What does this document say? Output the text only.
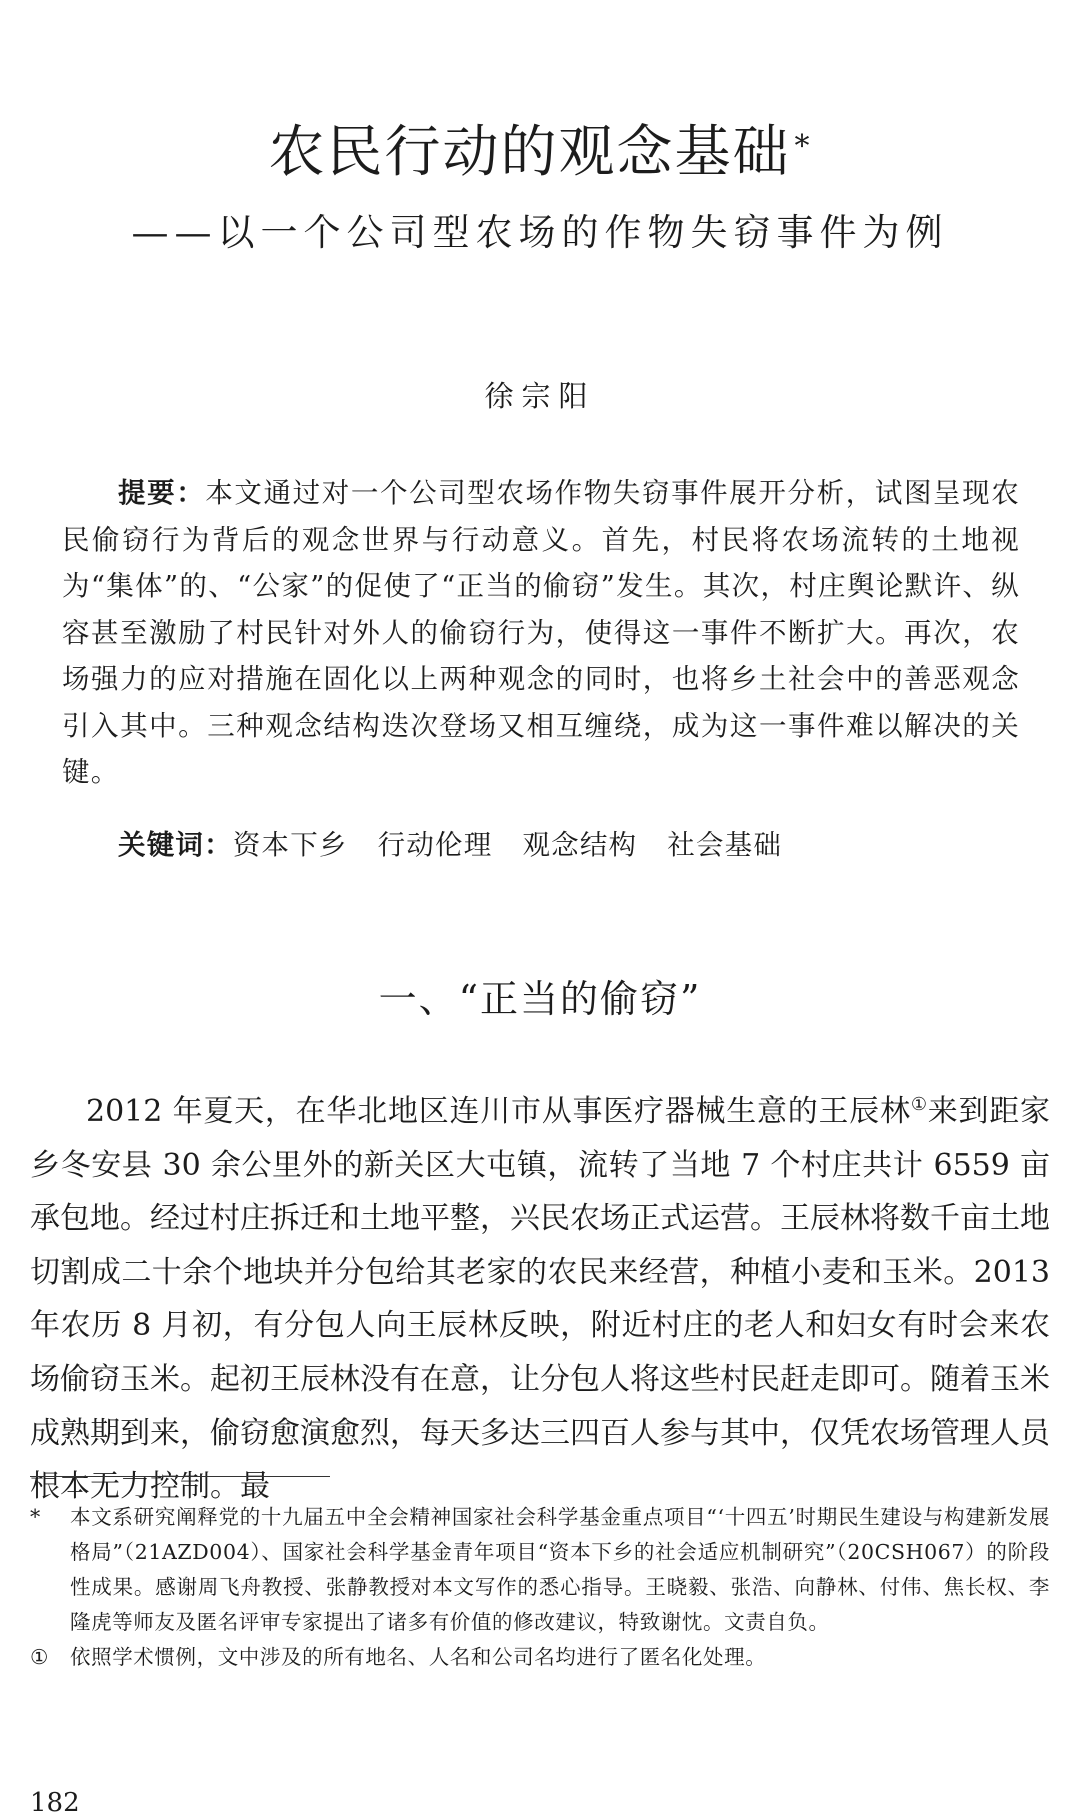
农民行动的观念基础 *
——以一个公司型农场的作物失窃事件为例
徐宗阳

提要：本文通过对一个公司型农场作物失窃事件展开分析，试图呈现农民偷窃行为背后的观念世界与行动意义。首先，村民将农场流转的土地视为“集体”的、“公家”的促使了“正当的偷窃”发生。其次，村庄舆论默许、纵容甚至激励了村民针对外人的偷窃行为，使得这一事件不断扩大。再次，农场强力的应对措施在固化以上两种观念的同时，也将乡土社会中的善恶观念引入其中。三种观念结构迭次登场又相互缠绕，成为这一事件难以解决的关键。

关键词：资本下乡 行动伦理 观念结构 社会基础
一、“正当的偷窃”

2012 年夏天，在华北地区连川市从事医疗器械生意的王辰林①来到距家乡冬安县 30 余公里外的新关区大屯镇，流转了当地 7 个村庄共计 6559 亩承包地。经过村庄拆迁和土地平整，兴民农场正式运营。王辰林将数千亩土地切割成二十余个地块并分包给其老家的农民来经营，种植小麦和玉米。2013 年农历 8 月初，有分包人向王辰林反映，附近村庄的老人和妇女有时会来农场偷窃玉米。起初王辰林没有在意，让分包人将这些村民赶走即可。随着玉米成熟期到来，偷窃愈演愈烈，每天多达三四百人参与其中，仅凭农场管理人员根本无力控制。最

*	本文系研究阐释党的十九届五中全会精神国家社会科学基金重点项目“‘十四五’时期民生建设与构建新发展格局”（21AZD004）、国家社会科学基金青年项目“资本下乡的社会适应机制研究”（20CSH067）的阶段性成果。感谢周飞舟教授、张静教授对本文写作的悉心指导。王晓毅、张浩、向静林、付伟、焦长权、李隆虎等师友及匿名评审专家提出了诸多有价值的修改建议，特致谢忱。文责自负。

①	依照学术惯例，文中涉及的所有地名、人名和公司名均进行了匿名化处理。

182
